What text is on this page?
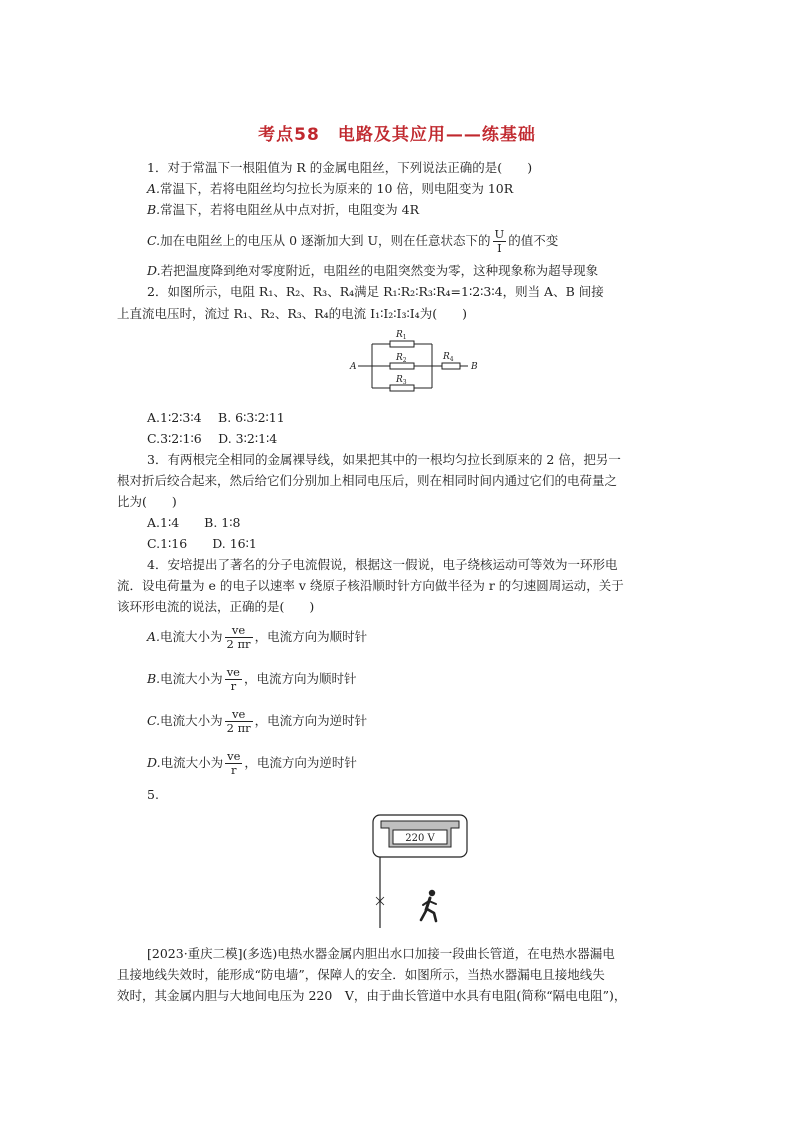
考点58　电路及其应用——练基础
1．对于常温下一根阻值为 R 的金属电阻丝，下列说法正确的是(　　)
A.常温下，若将电阻丝均匀拉长为原来的 10 倍，则电阻变为 10R
B.常温下，若将电阻丝从中点对折，电阻变为 4R
C.加在电阻丝上的电压从 0 逐渐加大到 U，则在任意状态下的 $\frac{U}{I}$ 的值不变
D.若把温度降到绝对零度附近，电阻丝的电阻突然变为零，这种现象称为超导现象
2．如图所示，电阻 R₁、R₂、R₃、R₄满足 R₁∶R₂∶R₃∶R₄=1∶2∶3∶4，则当 A、B 间接
上直流电压时，流过 R₁、R₂、R₃、R₄的电流 I₁∶I₂∶I₃∶I₄为(　　)
A	B
$R_1$
$R_2$
$R_3$
$R_4$
A.1∶2∶3∶4　 B. 6∶3∶2∶11
C.3∶2∶1∶6　 D. 3∶2∶1∶4
3．有两根完全相同的金属裸导线，如果把其中的一根均匀拉长到原来的 2 倍，把另一
根对折后绞合起来，然后给它们分别加上相同电压后，则在相同时间内通过它们的电荷量之
比为(　　)
A.1∶4　　B. 1∶8
C.1∶16　　D. 16∶1
4．安培提出了著名的分子电流假说，根据这一假说，电子绕核运动可等效为一环形电
流．设电荷量为 e 的电子以速率 v 绕原子核沿顺时针方向做半径为 r 的匀速圆周运动，关于
该环形电流的说法，正确的是(　　)
A.电流大小为 $\frac{ve}{2 \pi r}$ ，电流方向为顺时针
B.电流大小为 $\frac{ve}{r}$ ，电流方向为顺时针
C.电流大小为 $\frac{ve}{2 \pi r}$ ，电流方向为逆时针
D.电流大小为 $\frac{ve}{r}$ ，电流方向为逆时针
5.
220 V
[2023·重庆二模](多选)电热水器金属内胆出水口加接一段曲长管道，在电热水器漏电
且接地线失效时，能形成“防电墙”，保障人的安全．如图所示，当热水器漏电且接地线失
效时，其金属内胆与大地间电压为 220　V，由于曲长管道中水具有电阻(简称“隔电电阻”)，
